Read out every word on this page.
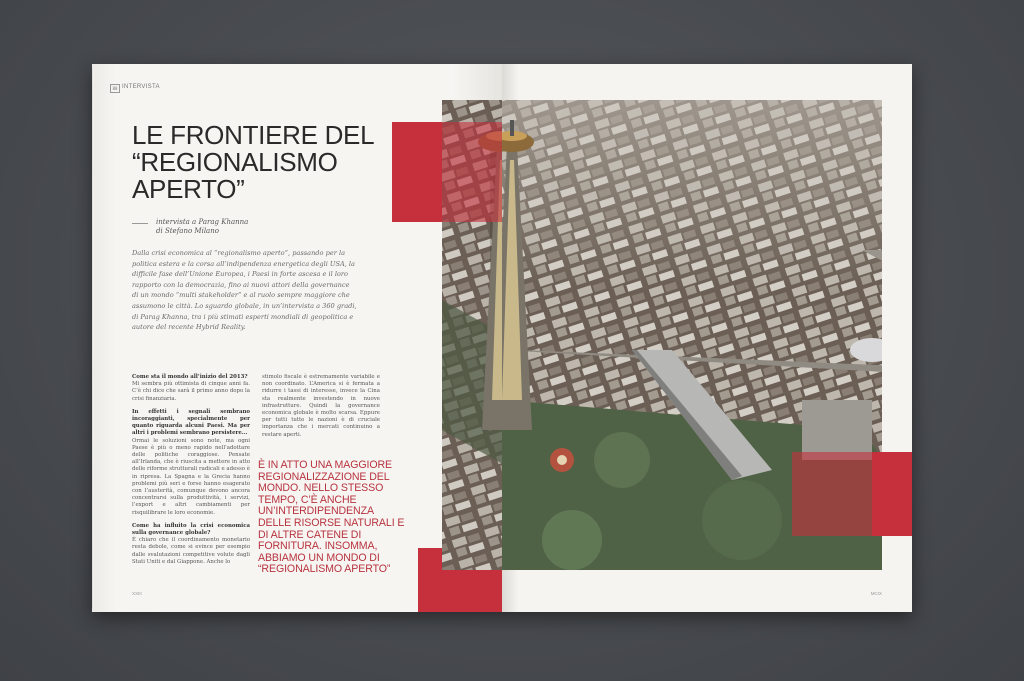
88 INTERVISTA
LE FRONTIERE DEL
“REGIONALISMO
APERTO”
intervista a Parag Khanna
di Stefano Milano

Dalla crisi economica al “regionalismo aperto”, passando per la politica estera e la corsa all’indipendenza energetica degli USA, la difficile fase dell’Unione Europea, i Paesi in forte ascesa e il loro rapporto con la democrazia, fino ai nuovi attori della governance di un mondo “multi stakeholder” e al ruolo sempre maggiore che assumono le città. Lo sguardo globale, in un’intervista a 360 gradi, di Parag Khanna, tra i più stimati esperti mondiali di geopolitica e autore del recente Hybrid Reality.

Come sta il mondo all’inizio del 2013?
Mi sembra più ottimista di cinque anni fa. C’è chi dice che sarà il primo anno dopo la crisi finanziaria.

In effetti i segnali sembrano incoraggianti, specialmente per quanto riguarda alcuni Paesi. Ma per altri i problemi sembrano persistere...
Ormai le soluzioni sono note, ma ogni Paese è più o meno rapido nell’adottare delle politiche coraggiose. Pensate all’Irlanda, che è riuscita a mettere in atto delle riforme strutturali radicali e adesso è in ripresa. La Spagna e la Grecia hanno problemi più seri e forse hanno esagerato con l’austerità, comunque devono ancora concentrarsi sulla produttività, i servizi, l’export e altri cambiamenti per risquilibrare le loro economie.

Come ha influito la crisi economica sulla governance globale?
È chiaro che il coordinamento monetario resta debole, come si evince per esempio dalle svalutazioni competitive volute dagli Stati Uniti e dal Giappone. Anche lo

stimolo fiscale è estremamente variabile e non coordinato. L’America si è fermata a ridurre i tassi di interesse, invece la Cina sta realmente investendo in nuove infrastrutture. Quindi la governance economica globale è molto scarsa. Eppure per tutti tutte le nazioni è di cruciale importanza che i mercati continuino a restare aperti.

È IN ATTO UNA MAGGIORE REGIONALIZZAZIONE DEL MONDO. NELLO STESSO TEMPO, C’È ANCHE UN’INTERDIPENDENZA DELLE RISORSE NATURALI E DI ALTRE CATENE DI FORNITURA. INSOMMA, ABBIAMO UN MONDO DI “REGIONALISMO APERTO”

XXIII	MCIX
